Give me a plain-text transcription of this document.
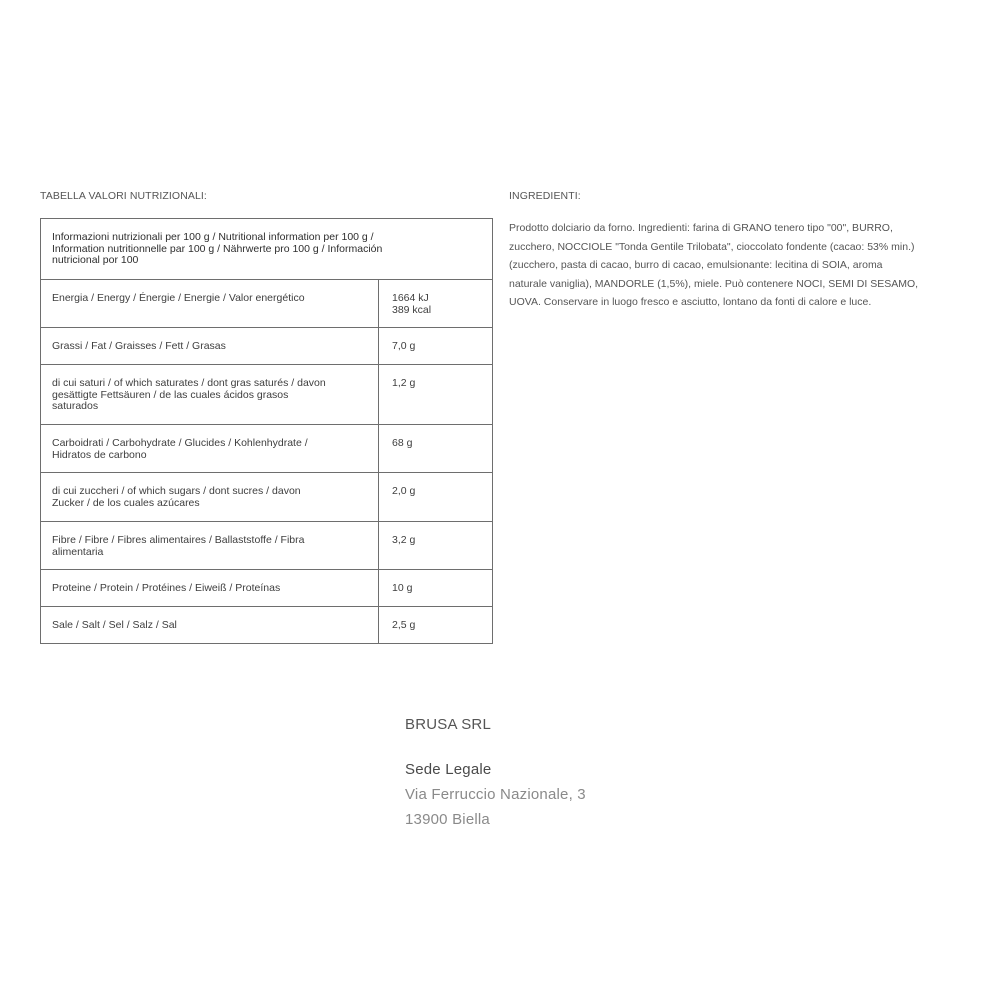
TABELLA VALORI NUTRIZIONALI:
Informazioni nutrizionali per 100 g / Nutritional information per 100 g /
Information nutritionnelle par 100 g / Nährwerte pro 100 g / Información
nutricional por 100	

Energia / Energy / Énergie / Energie / Valor energético	1664 kJ
389 kcal

Grassi / Fat / Graisses / Fett / Grasas	7,0 g

di cui saturi / of which saturates / dont gras saturés / davon
gesättigte Fettsäuren / de las cuales ácidos grasos
saturados	1,2 g

Carboidrati / Carbohydrate / Glucides / Kohlenhydrate /
Hidratos de carbono	68 g

di cui zuccheri / of which sugars / dont sucres / davon
Zucker / de los cuales azúcares	2,0 g

Fibre / Fibre / Fibres alimentaires / Ballaststoffe / Fibra
alimentaria	3,2 g

Proteine / Protein / Protéines / Eiweiß / Proteínas	10 g

Sale / Salt / Sel / Salz / Sal	2,5 g
INGREDIENTI:
Prodotto dolciario da forno. Ingredienti: farina di GRANO tenero tipo "00", BURRO,
zucchero, NOCCIOLE "Tonda Gentile Trilobata", cioccolato fondente (cacao: 53% min.)
(zucchero, pasta di cacao, burro di cacao, emulsionante: lecitina di SOIA, aroma
naturale vaniglia), MANDORLE (1,5%), miele. Può contenere NOCI, SEMI DI SESAMO,
UOVA. Conservare in luogo fresco e asciutto, lontano da fonti di calore e luce.
BRUSA SRL
Sede Legale
Via Ferruccio Nazionale, 3
13900 Biella
